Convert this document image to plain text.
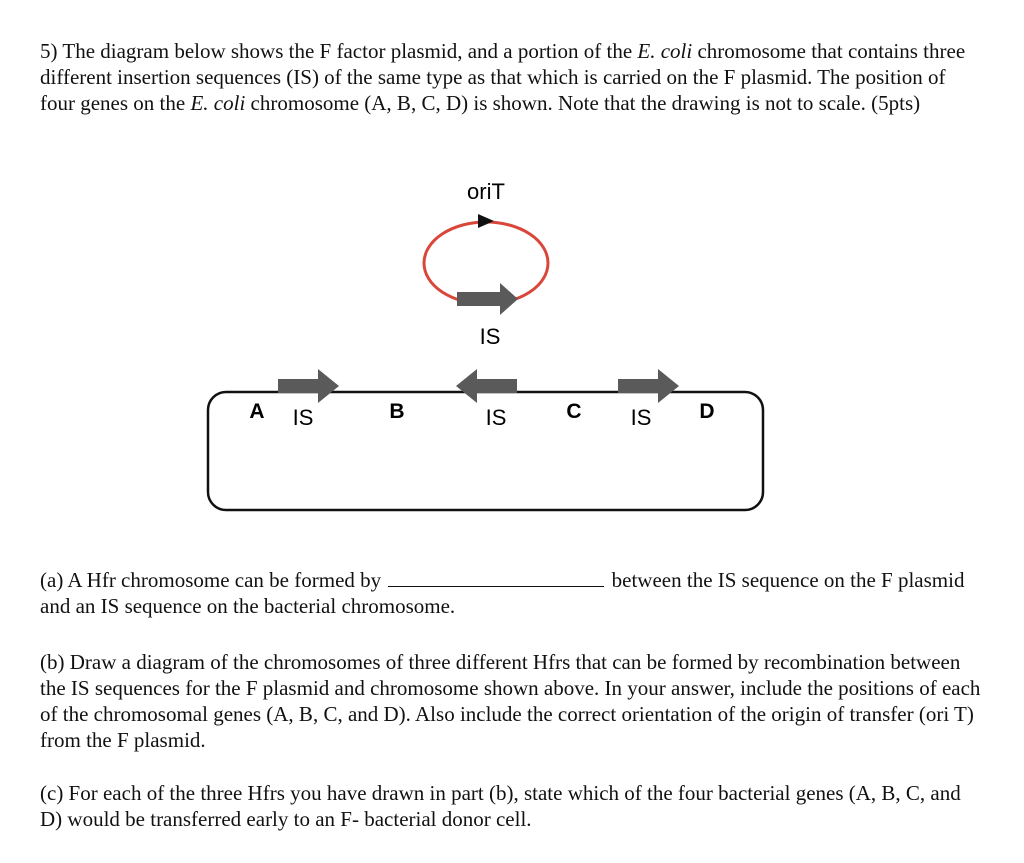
5) The diagram below shows the F factor plasmid, and a portion of the E. coli chromosome that contains three different insertion sequences (IS) of the same type as that which is carried on the F plasmid. The position of four genes on the E. coli chromosome (A, B, C, D) is shown. Note that the drawing is not to scale. (5pts)

oriT
IS
A IS	B	IS	C IS D

(a) A Hfr chromosome can be formed by	between the IS sequence on the F plasmid and an IS sequence on the bacterial chromosome.

(b) Draw a diagram of the chromosomes of three different Hfrs that can be formed by recombination between the IS sequences for the F plasmid and chromosome shown above. In your answer, include the positions of each of the chromosomal genes (A, B, C, and D). Also include the correct orientation of the origin of transfer (ori T) from the F plasmid.

(c) For each of the three Hfrs you have drawn in part (b), state which of the four bacterial genes (A, B, C, and D) would be transferred early to an F- bacterial donor cell.
